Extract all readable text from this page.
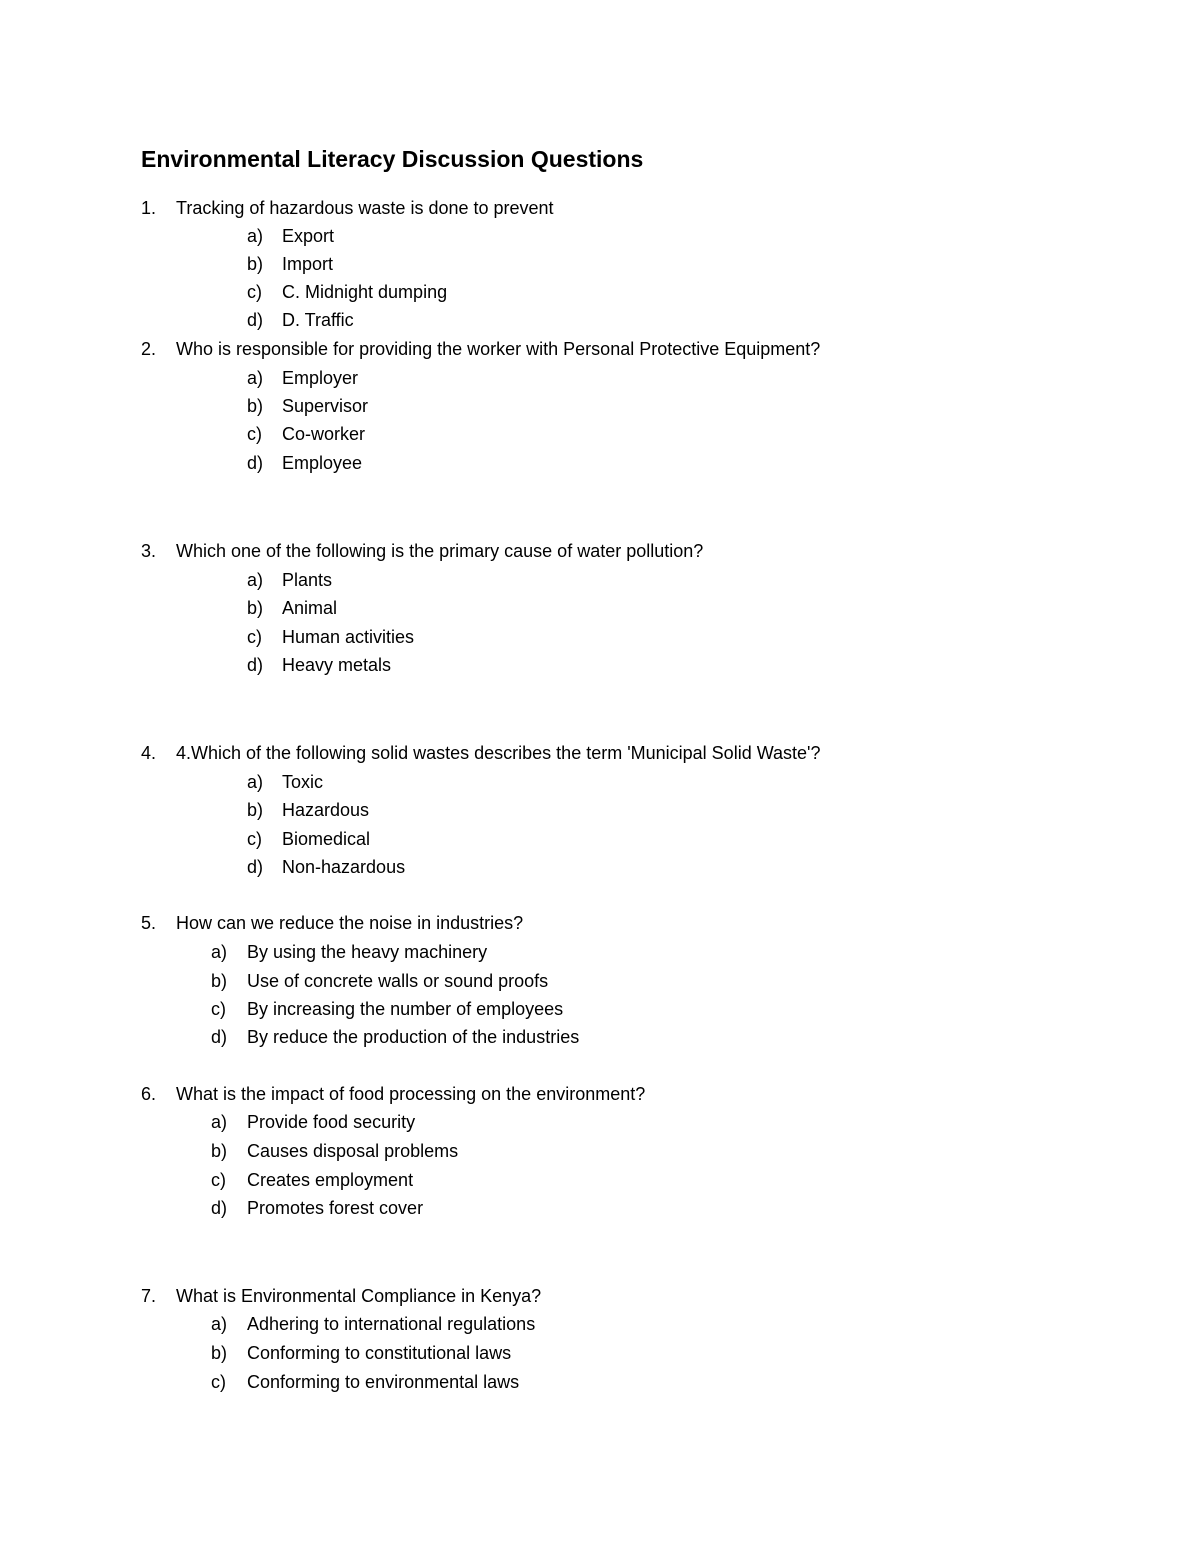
Environmental Literacy Discussion Questions
1. Tracking of hazardous waste is done to prevent
a) Export
b) Import
c) C. Midnight dumping
d) D. Traffic
2. Who is responsible for providing the worker with Personal Protective Equipment?
a) Employer
b) Supervisor
c) Co-worker
d) Employee
3. Which one of the following is the primary cause of water pollution?
a) Plants
b) Animal
c) Human activities
d) Heavy metals
4. 4.Which of the following solid wastes describes the term 'Municipal Solid Waste'?
a) Toxic
b) Hazardous
c) Biomedical
d) Non-hazardous
5. How can we reduce the noise in industries?
a) By using the heavy machinery
b) Use of concrete walls or sound proofs
c) By increasing the number of employees
d) By reduce the production of the industries
6. What is the impact of food processing on the environment?
a) Provide food security
b) Causes disposal problems
c) Creates employment
d) Promotes forest cover
7. What is Environmental Compliance in Kenya?
a) Adhering to international regulations
b) Conforming to constitutional laws
c) Conforming to environmental laws
